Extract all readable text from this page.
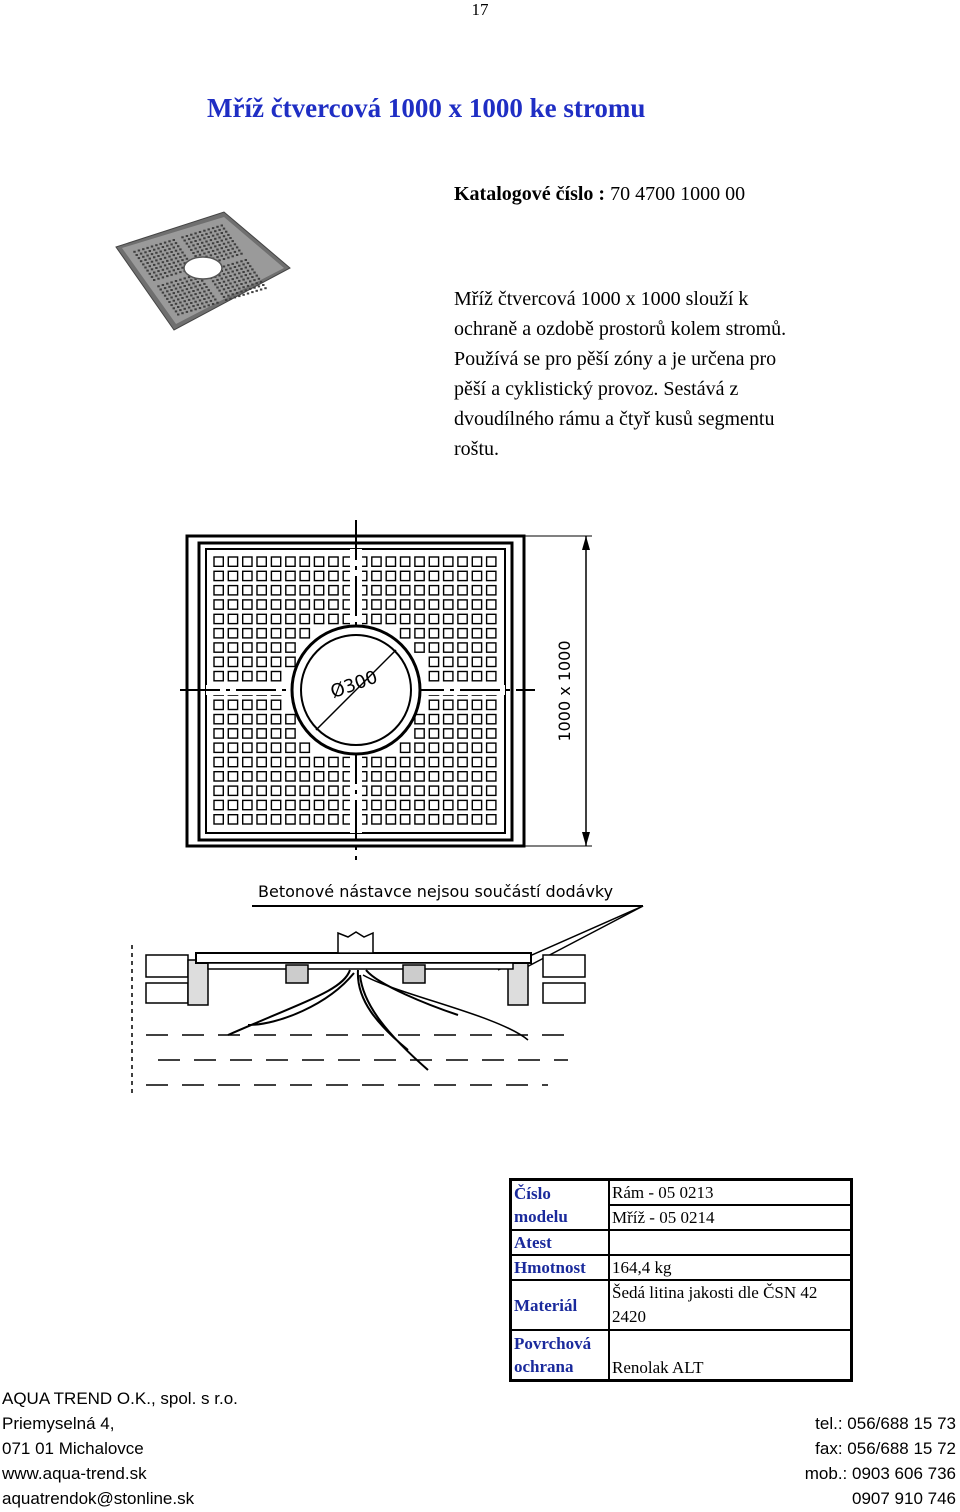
17
Mříž čtvercová 1000 x 1000 ke stromu
Katalogové číslo : 70 4700 1000 00
Mříž čtvercová 1000 x 1000 slouží k
ochraně a ozdobě prostorů kolem stromů.
Používá se pro pěší zóny a je určena pro
pěší a cyklistický provoz. Sestává z
dvoudílného rámu a čtyř kusů segmentu
roštu.
Ø300	1000 x 1000
Betonové nástavce nejsou součástí dodávky
Číslo modelu	Rám - 05 0213
	Mříž - 05 0214
Atest	
Hmotnost	164,4 kg
Materiál	Šedá litina jakosti dle ČSN 42 2420
Povrchová ochrana	Renolak ALT
AQUA TREND O.K., spol. s r.o.
Priemyselná 4,
071 01 Michalovce
www.aqua-trend.sk
aquatrendok@stonline.sk
tel.: 056/688 15 73
fax: 056/688 15 72
mob.: 0903 606 736
0907 910 746
